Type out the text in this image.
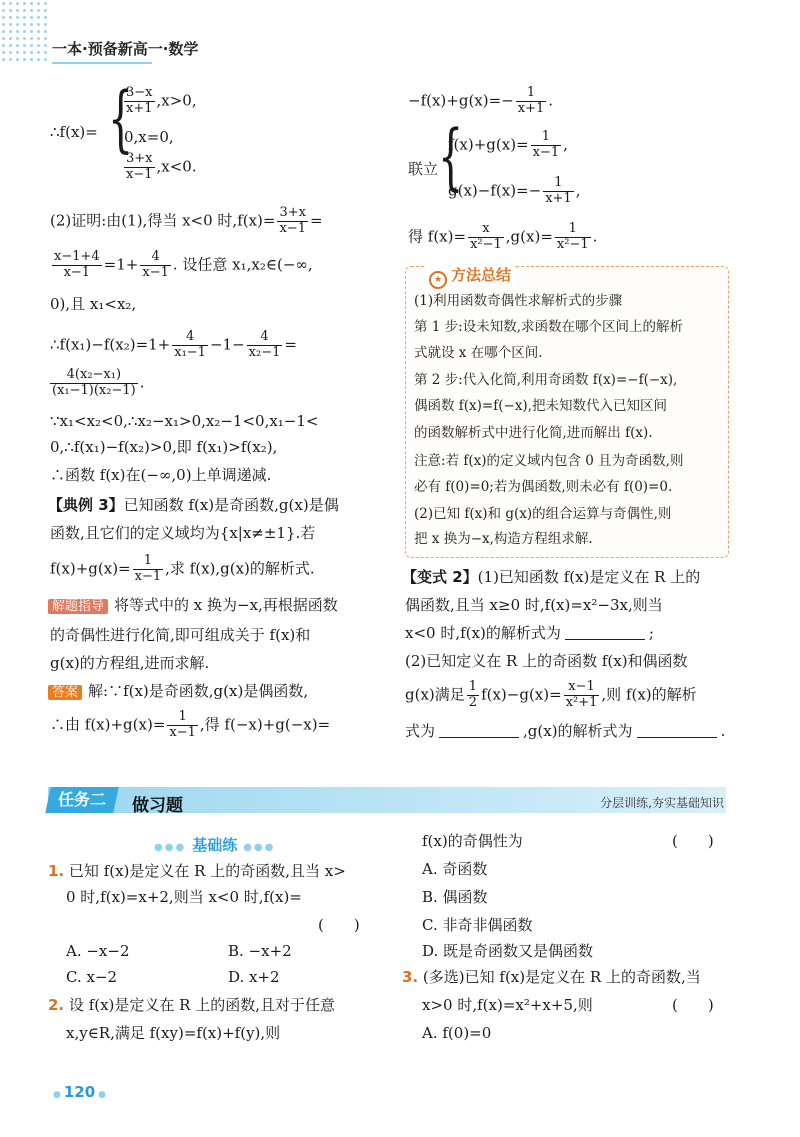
一本·预备新高一·数学
∴f(x)= {
$\frac{3-x}{x+1} ,x>0$,
0,x=0,
$\frac{3+x}{x-1} ,x<0$.
(2)证明:由(1),得当 x<0 时$,f(x)= \frac{3+x}{x-1}$ =
$\frac{x-1+4}{x-1} =1+ \frac{4}{x-1}$ . 设任意 x₁,x₂∈(−∞,
0),且 x₁<x₂,
∴f(x₁)−f(x₂)=1+ $\frac{4}{\text{x₁−1}} -1- \frac{4}{\text{x₂−1}}$ =
$\frac{\text{4(x₂−x₁)}}{\text{(x₁−1)(x₂−1)}}$ .
∵x₁<x₂<0,∴x₂−x₁>0,x₂−1<0,x₁−1<
0,∴f(x₁)−f(x₂)>0,即 f(x₁)>f(x₂),
∴函数 f(x)在(−∞,0)上单调递减.
【典例 3】已知函数 f(x)是奇函数,g(x)是偶
函数,且它们的定义域均为{x|x≠±1}.若
$f(x)+g(x)= \frac{1}{x-1}$ ,求 f(x),g(x)的解析式.
解题指导 将等式中的 x 换为−x,再根据函数
的奇偶性进行化简,即可组成关于 f(x)和
g(x)的方程组,进而求解.
答案 解:∵f(x)是奇函数,g(x)是偶函数,
∴由 $f(x)+g(x)= \frac{1}{x-1}$ ,得 f(−x)+g(−x)=
$-f(x)+g(x)=- \frac{1}{x+1}$ .
联立 {
$f(x)+g(x)= \frac{1}{x-1}$ ,
$g(x)-f(x)=- \frac{1}{x+1}$ ,
得 $f(x)= \frac{x}{\text{x²−1}} ,g(x)= \frac{1}{\text{x²−1}}$ .
★ 方法总结
(1)利用函数奇偶性求解析式的步骤
第 1 步:设未知数,求函数在哪个区间上的解析
式就设 x 在哪个区间.
第 2 步:代入化简,利用奇函数 f(x)=−f(−x),
偶函数 f(x)=f(−x),把未知数代入已知区间
的函数解析式中进行化简,进而解出 f(x).
注意:若 f(x)的定义域内包含 0 且为奇函数,则
必有 f(0)=0;若为偶函数,则未必有 f(0)=0.
(2)已知 f(x)和 g(x)的组合运算与奇偶性,则
把 x 换为−x,构造方程组求解.
【变式 2】(1)已知函数 f(x)是定义在 R 上的
偶函数,且当 x≥0 时,f(x)=x²−3x,则当
x<0 时,f(x)的解析式为	;
(2)已知定义在 R 上的奇函数 f(x)和偶函数
g(x)满足 $\frac{1}{2} f(x)-g(x)= \frac{x-1}{\text{x²+1}}$ ,则 f(x)的解析
式为	,g(x)的解析式为	.
任务二	做习题	分层训练,夯实基础知识
●●● 基础练 ●●●
1. 已知 f(x)是定义在 R 上的奇函数,且当 x>
0 时,f(x)=x+2,则当 x<0 时,f(x)=
(　　)
A. −x−2	B. −x+2
C. x−2	D. x+2
2. 设 f(x)是定义在 R 上的函数,且对于任意
x,y∈R,满足 f(xy)=f(x)+f(y),则
f(x)的奇偶性为	(　　)
A. 奇函数
B. 偶函数
C. 非奇非偶函数
D. 既是奇函数又是偶函数
3. (多选)已知 f(x)是定义在 R 上的奇函数,当
x>0 时,f(x)=x²+x+5,则	(　　)
A. f(0)=0
● 120 ●
